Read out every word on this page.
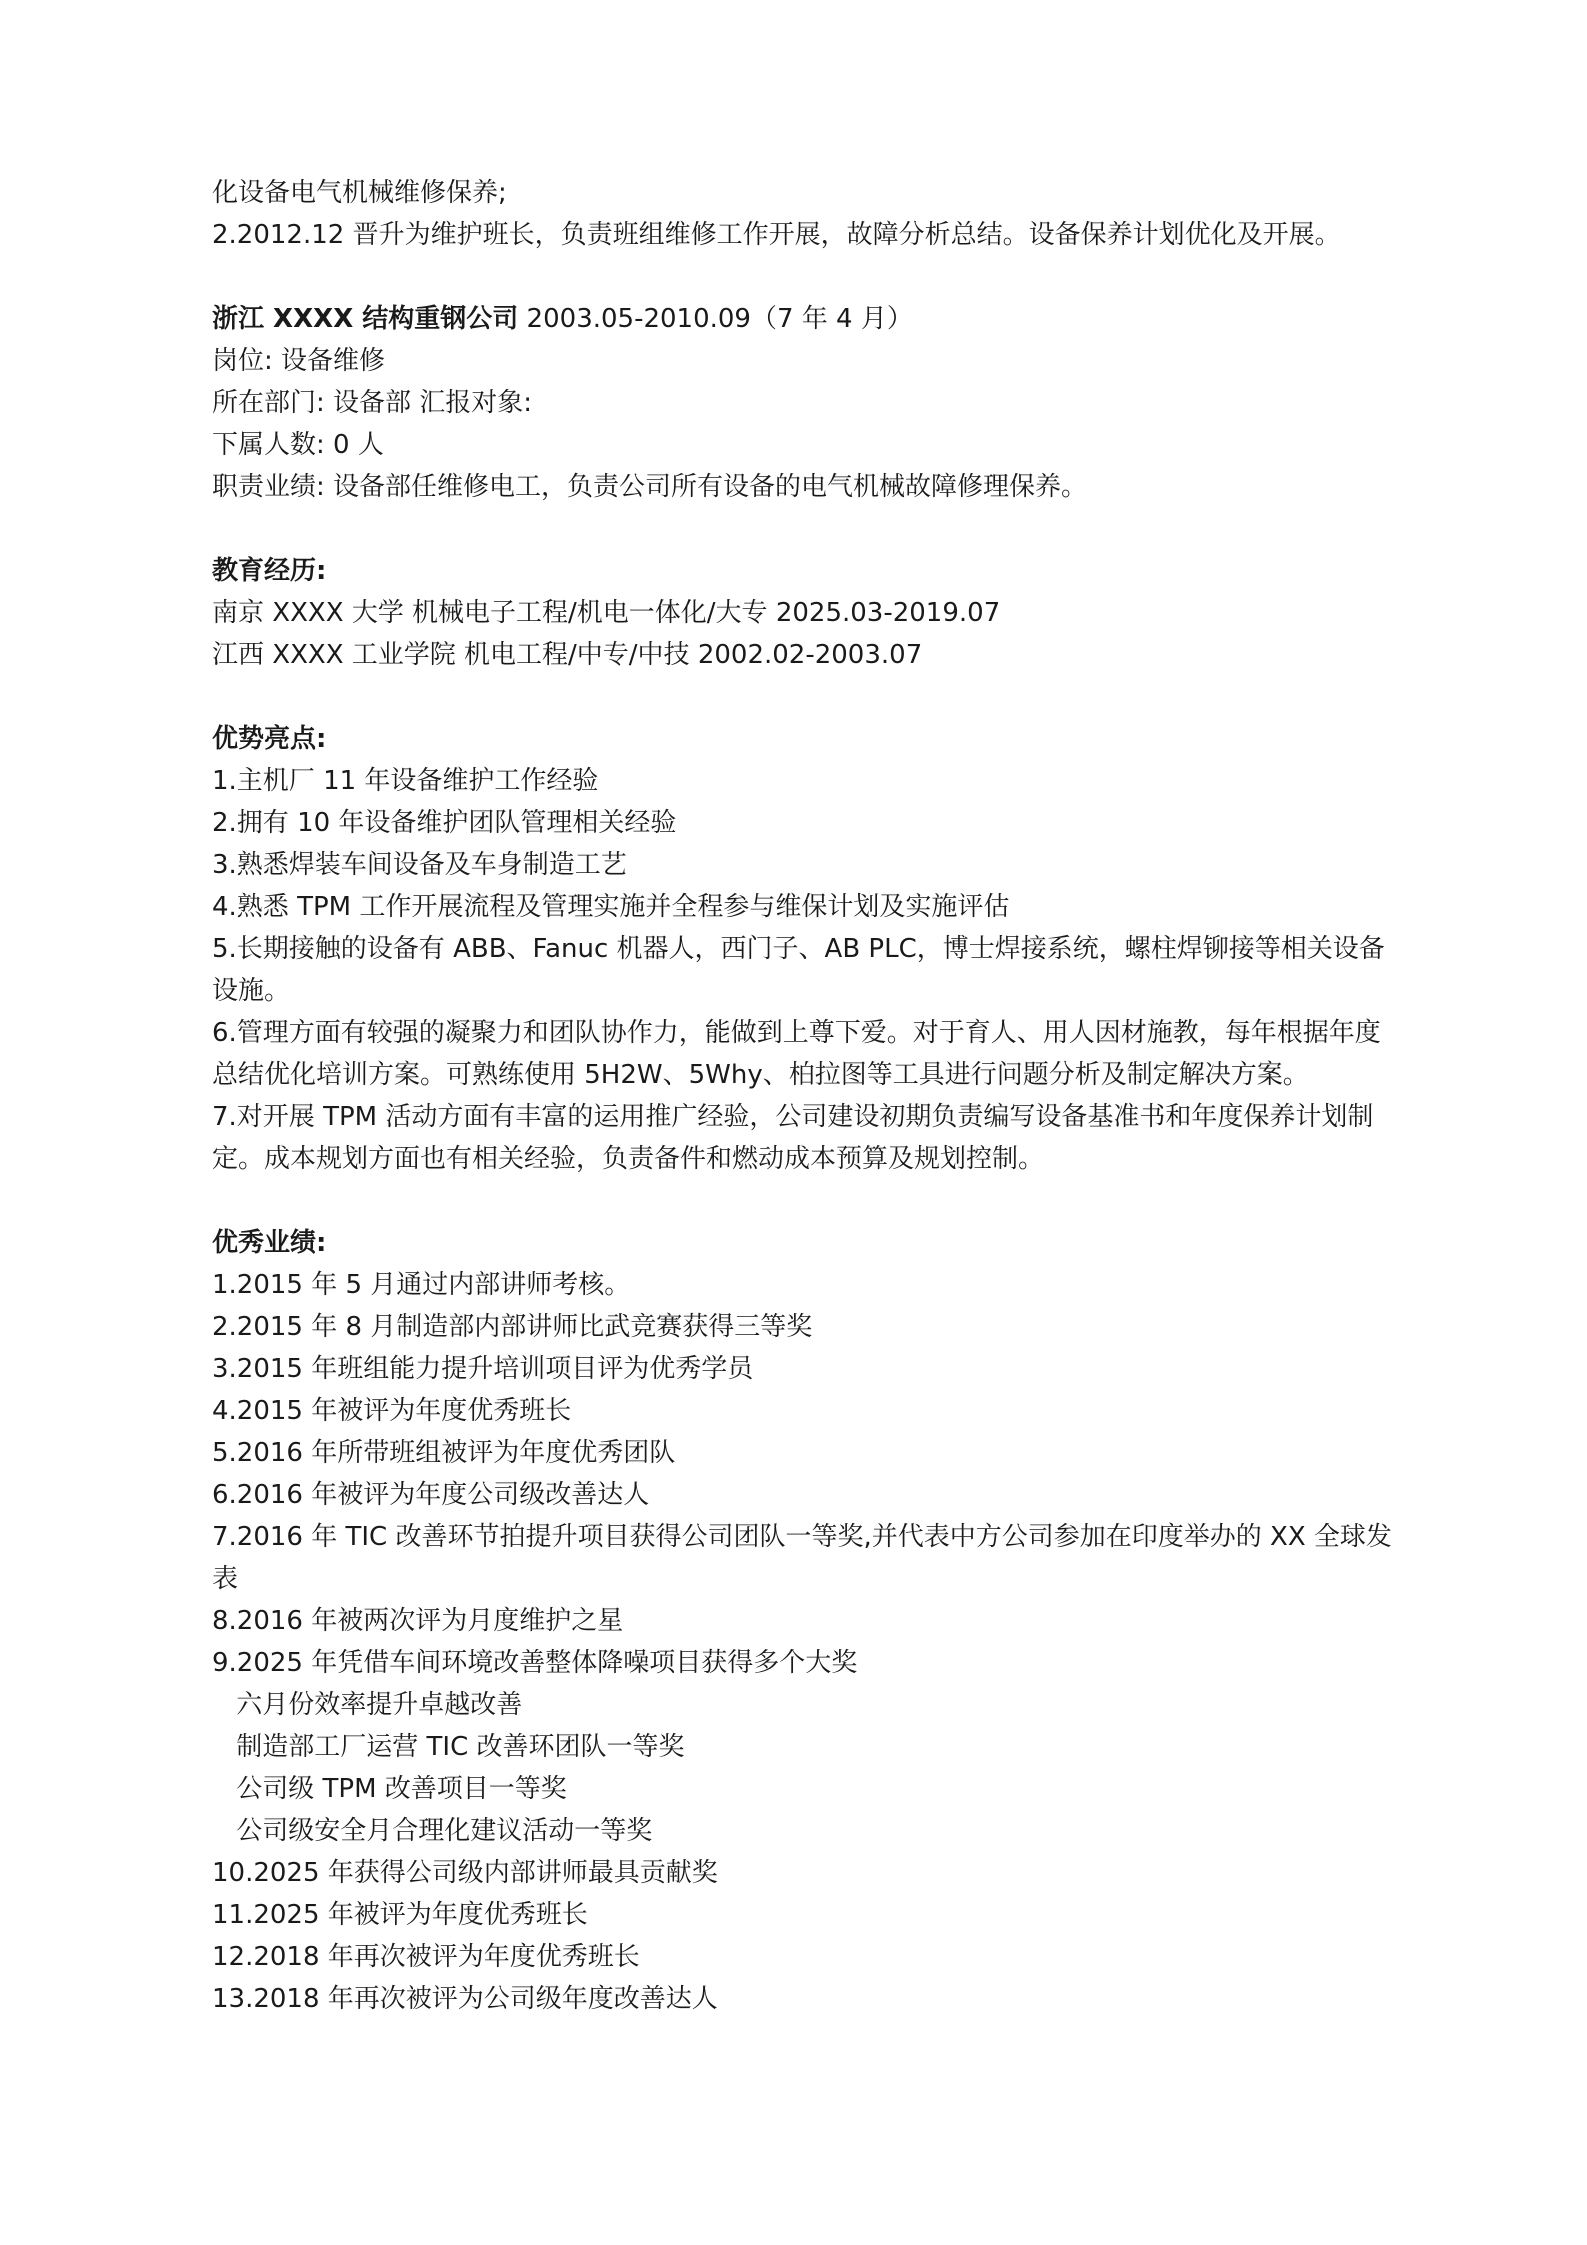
化设备电气机械维修保养;
2.2012.12 晋升为维护班长，负责班组维修工作开展，故障分析总结。设备保养计划优化及开展。
浙江 XXXX 结构重钢公司 2003.05-2010.09（7 年 4 月）
岗位: 设备维修
所在部门: 设备部 汇报对象:
下属人数: 0 人
职责业绩: 设备部任维修电工，负责公司所有设备的电气机械故障修理保养。
教育经历:
南京 XXXX 大学 机械电子工程/机电一体化/大专 2025.03-2019.07
江西 XXXX 工业学院 机电工程/中专/中技 2002.02-2003.07
优势亮点:
1.主机厂 11 年设备维护工作经验
2.拥有 10 年设备维护团队管理相关经验
3.熟悉焊装车间设备及车身制造工艺
4.熟悉 TPM 工作开展流程及管理实施并全程参与维保计划及实施评估
5.长期接触的设备有 ABB、Fanuc 机器人，西门子、AB PLC，博士焊接系统，螺柱焊铆接等相关设备设施。
6.管理方面有较强的凝聚力和团队协作力，能做到上尊下爱。对于育人、用人因材施教，每年根据年度总结优化培训方案。可熟练使用 5H2W、5Why、柏拉图等工具进行问题分析及制定解决方案。
7.对开展 TPM 活动方面有丰富的运用推广经验，公司建设初期负责编写设备基准书和年度保养计划制定。成本规划方面也有相关经验，负责备件和燃动成本预算及规划控制。
优秀业绩:
1.2015 年 5 月通过内部讲师考核。
2.2015 年 8 月制造部内部讲师比武竞赛获得三等奖
3.2015 年班组能力提升培训项目评为优秀学员
4.2015 年被评为年度优秀班长
5.2016 年所带班组被评为年度优秀团队
6.2016 年被评为年度公司级改善达人
7.2016 年 TIC 改善环节拍提升项目获得公司团队一等奖,并代表中方公司参加在印度举办的 XX 全球发表
8.2016 年被两次评为月度维护之星
9.2025 年凭借车间环境改善整体降噪项目获得多个大奖
六月份效率提升卓越改善
制造部工厂运营 TIC 改善环团队一等奖
公司级 TPM 改善项目一等奖
公司级安全月合理化建议活动一等奖
10.2025 年获得公司级内部讲师最具贡献奖
11.2025 年被评为年度优秀班长
12.2018 年再次被评为年度优秀班长
13.2018 年再次被评为公司级年度改善达人
